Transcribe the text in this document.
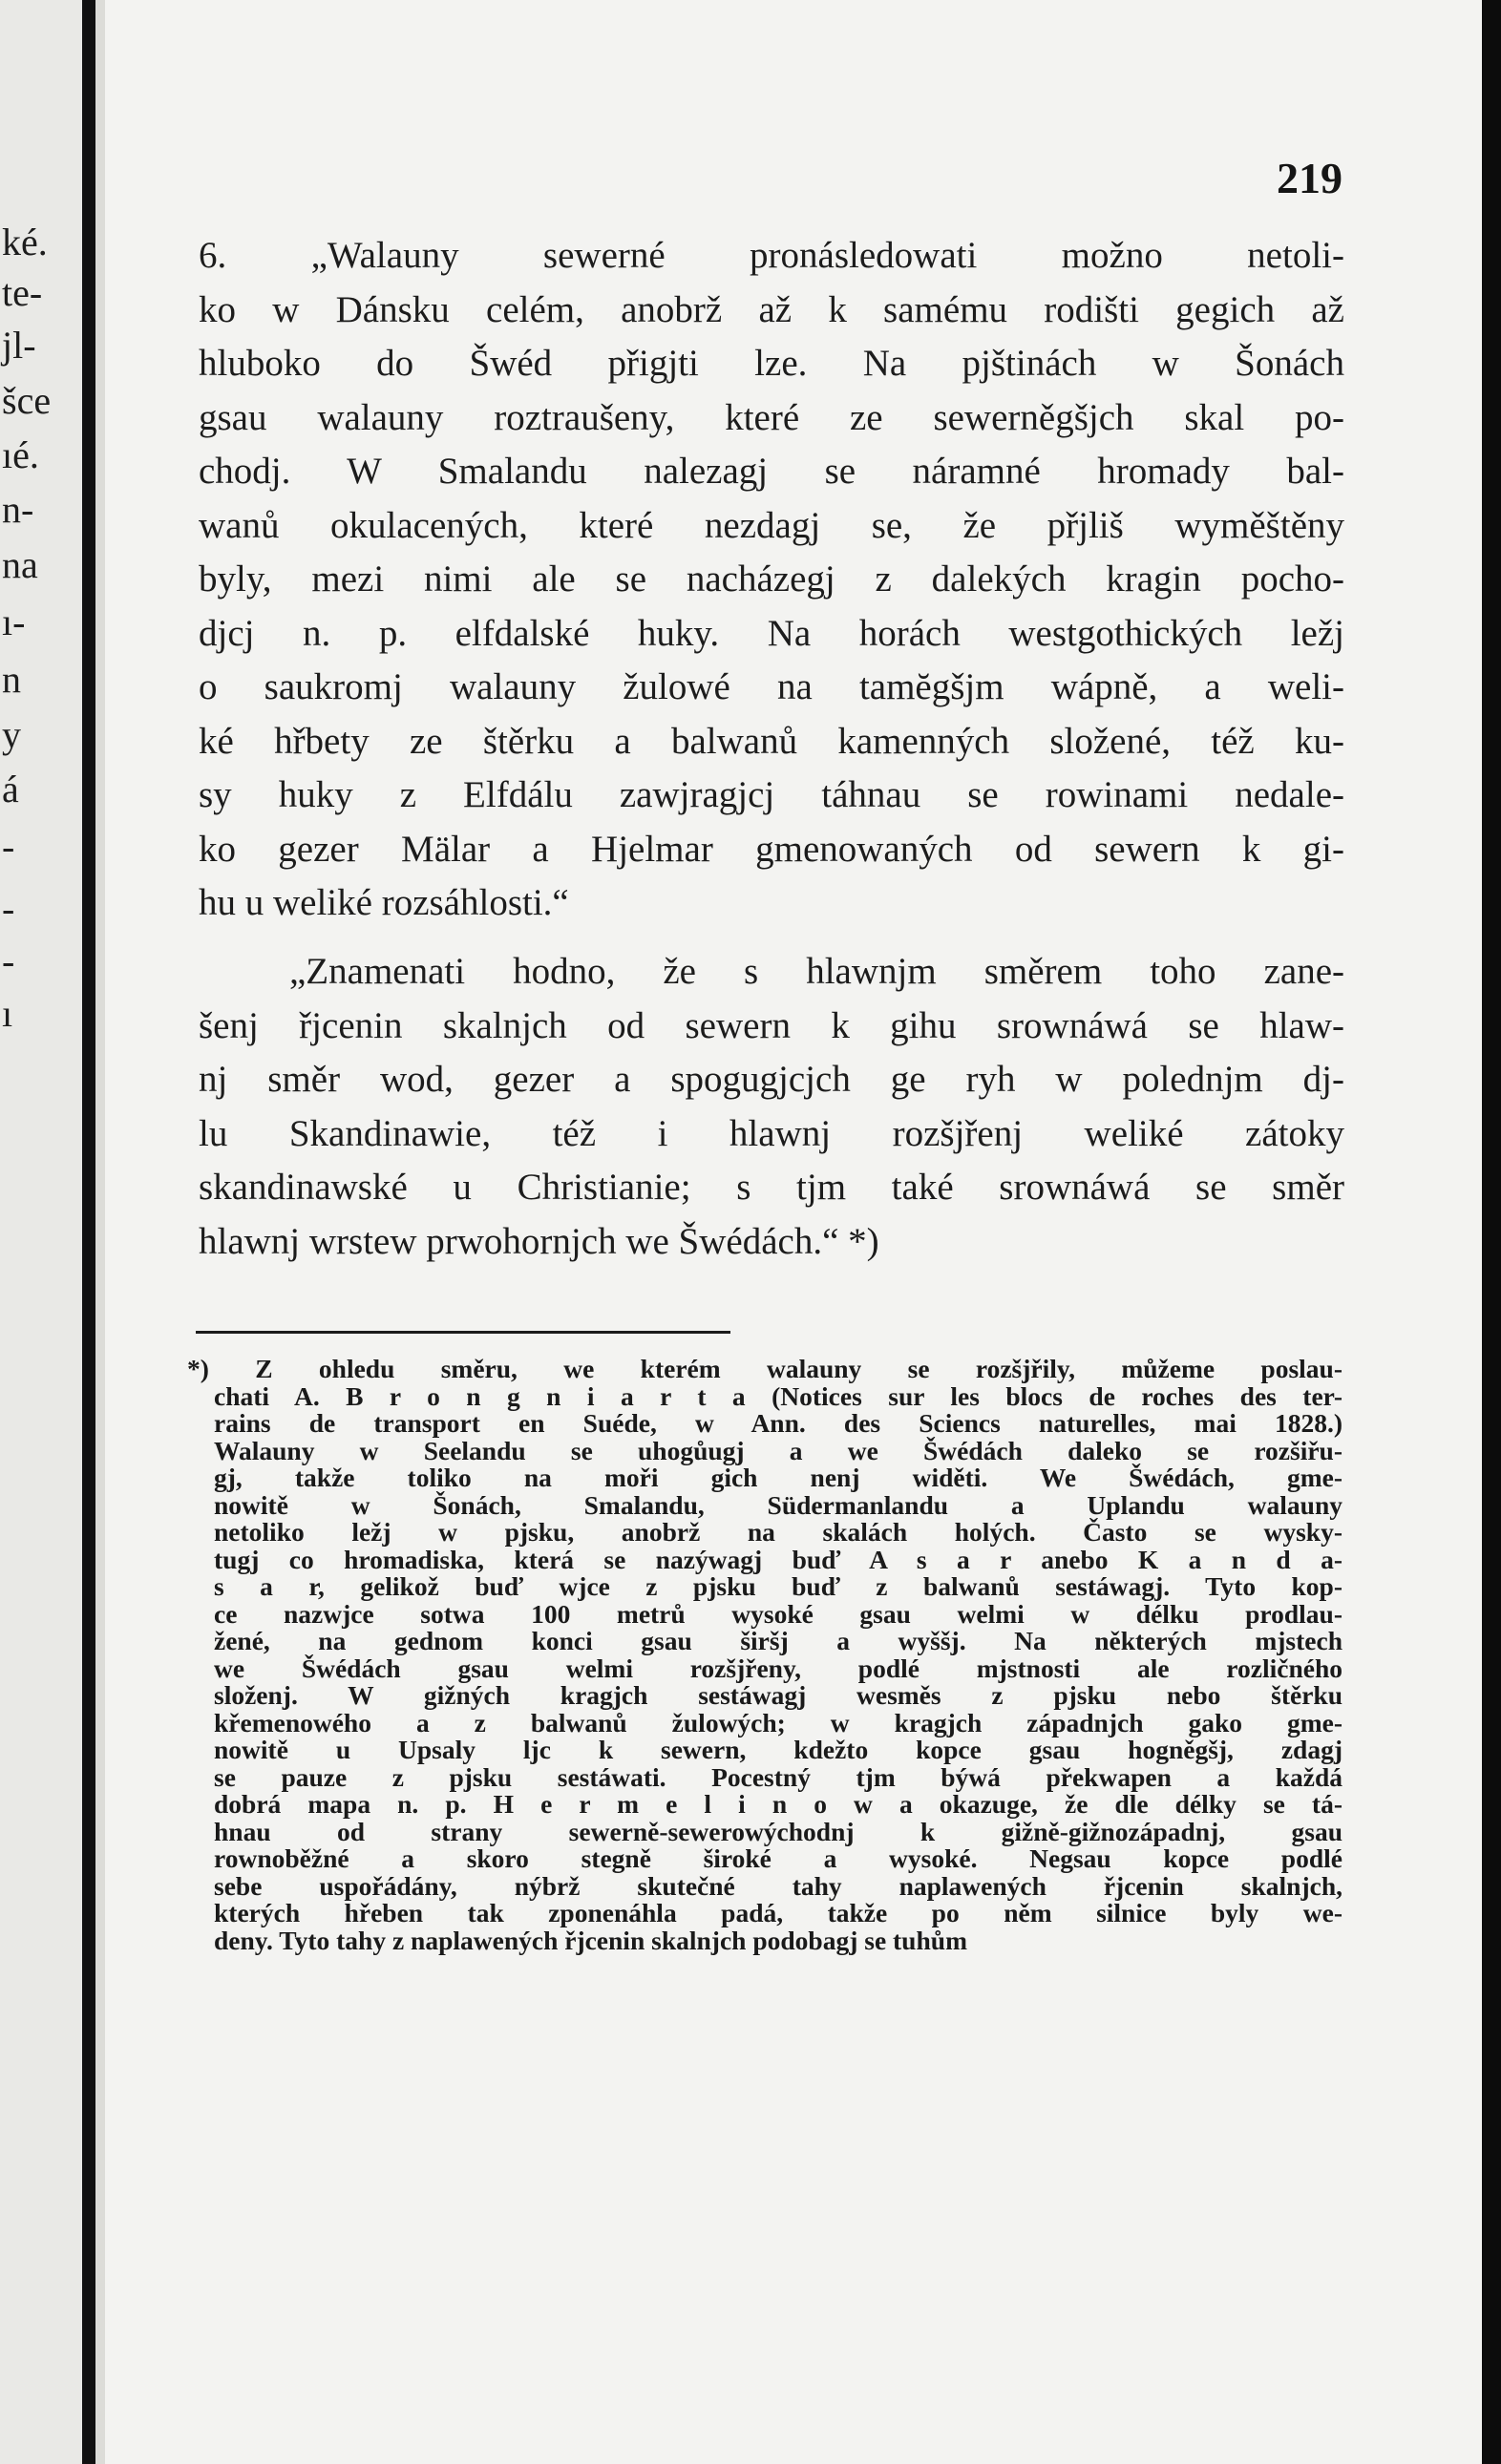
ké.
te-
jl-
šce
ıé.
n-
na
ı-
n
y
á
-
-
-
ı
219
6. „Walauny sewerné pronásledowati možno netoli-
ko w Dánsku celém, anobrž až k samému rodišti gegich až
hluboko do Šwéd přigjti lze. Na pjštinách w Šonách
gsau walauny roztraušeny, které ze sewerněgšjch skal po-
chodj. W Smalandu nalezagj se náramné hromady bal-
wanů okulacených, které nezdagj se, že přjliš wyměštěny
byly, mezi nimi ale se nacházegj z dalekých kragin pocho-
djcj n. p. elfdalské huky. Na horách westgothických ležj
o saukromj walauny žulowé na tamĕgšjm wápně, a weli-
ké hřbety ze štěrku a balwanů kamenných složené, též ku-
sy huky z Elfdálu zawjragjcj táhnau se rowinami nedale-
ko gezer Mälar a Hjelmar gmenowaných od sewern k gi-
hu u weliké rozsáhlosti.“
„Znamenati hodno, že s hlawnjm směrem toho zane-
šenj řjcenin skalnjch od sewern k gihu srownáwá se hlaw-
nj směr wod, gezer a spogugjcjch ge ryh w polednjm dj-
lu Skandinawie, též i hlawnj rozšjřenj weliké zátoky
skandinawské u Christianie; s tjm také srownáwá se směr
hlawnj wrstew prwohornjch we Šwédách.“ *)
*) Z ohledu směru, we kterém walauny se rozšjřily, můžeme poslau-
chati A. B r o n g n i a r t a (Notices sur les blocs de roches des ter-
rains de transport en Suéde, w Ann. des Sciencs naturelles, mai 1828.)
Walauny w Seelandu se uhogůugj a we Šwédách daleko se rozšiřu-
gj, takže toliko na moři gich nenj widěti. We Šwédách, gme-
nowitě w Šonách, Smalandu, Südermanlandu a Uplandu walauny
netoliko ležj w pjsku, anobrž na skalách holých. Často se wysky-
tugj co hromadiska, která se nazýwagj buď A s a r anebo K a n d a-
s a r, gelikož buď wjce z pjsku buď z balwanů sestáwagj. Tyto kop-
ce nazwjce sotwa 100 metrů wysoké gsau welmi w délku prodlau-
žené, na gednom konci gsau širšj a wyššj. Na některých mjstech
we Šwédách gsau welmi rozšjřeny, podlé mjstnosti ale rozličného
složenj. W gižných kragjch sestáwagj wesměs z pjsku nebo štěrku
křemenowého a z balwanů žulowých; w kragjch západnjch gako gme-
nowitě u Upsaly ljc k sewern, kdežto kopce gsau hogněgšj, zdagj
se pauze z pjsku sestáwati. Pocestný tjm býwá překwapen a každá
dobrá mapa n. p. H e r m e l i n o w a okazuge, že dle délky se tá-
hnau od strany sewerně-sewerowýchodnj k gižně-gižnozápadnj, gsau
rownoběžné a skoro stegně široké a wysoké. Negsau kopce podlé
sebe uspořádány, nýbrž skutečné tahy naplawených řjcenin skalnjch,
kterých hřeben tak zponenáhla padá, takže po něm silnice byly we-
deny. Tyto tahy z naplawených řjcenin skalnjch podobagj se tuhům
